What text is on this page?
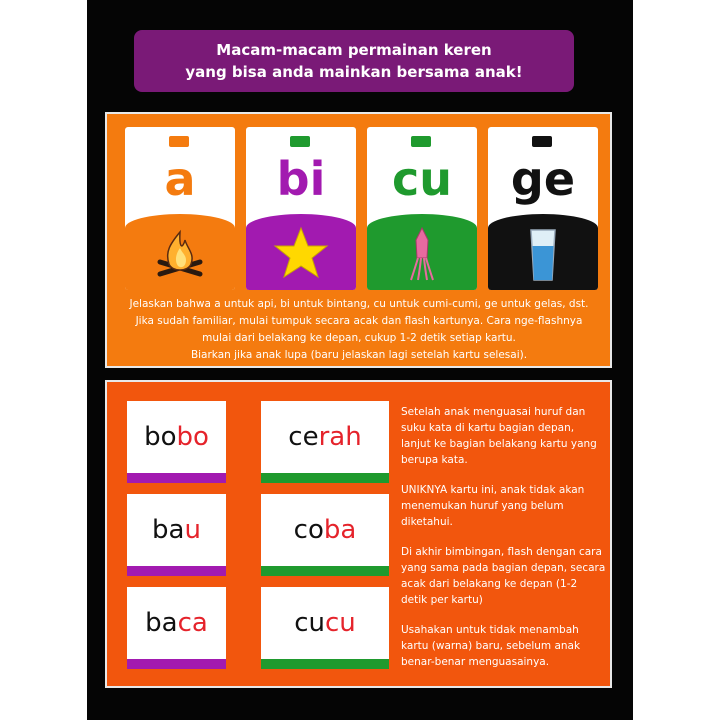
Macam-macam permainan keren
yang bisa anda mainkan bersama anak!
a	bi	cu	ge
Jelaskan bahwa a untuk api, bi untuk bintang, cu untuk cumi-cumi, ge untuk gelas, dst.
Jika sudah familiar, mulai tumpuk secara acak dan flash kartunya. Cara nge-flashnya
mulai dari belakang ke depan, cukup 1-2 detik setiap kartu.
Biarkan jika anak lupa (baru jelaskan lagi setelah kartu selesai).
bobo	cerah
bau	coba
baca	cucu

Setelah anak menguasai huruf dan suku kata di kartu bagian depan, lanjut ke bagian belakang kartu yang berupa kata.

UNIKNYA kartu ini, anak tidak akan menemukan huruf yang belum diketahui.

Di akhir bimbingan, flash dengan cara yang sama pada bagian depan, secara acak dari belakang ke depan (1-2 detik per kartu)

Usahakan untuk tidak menambah kartu (warna) baru, sebelum anak benar-benar menguasainya.
